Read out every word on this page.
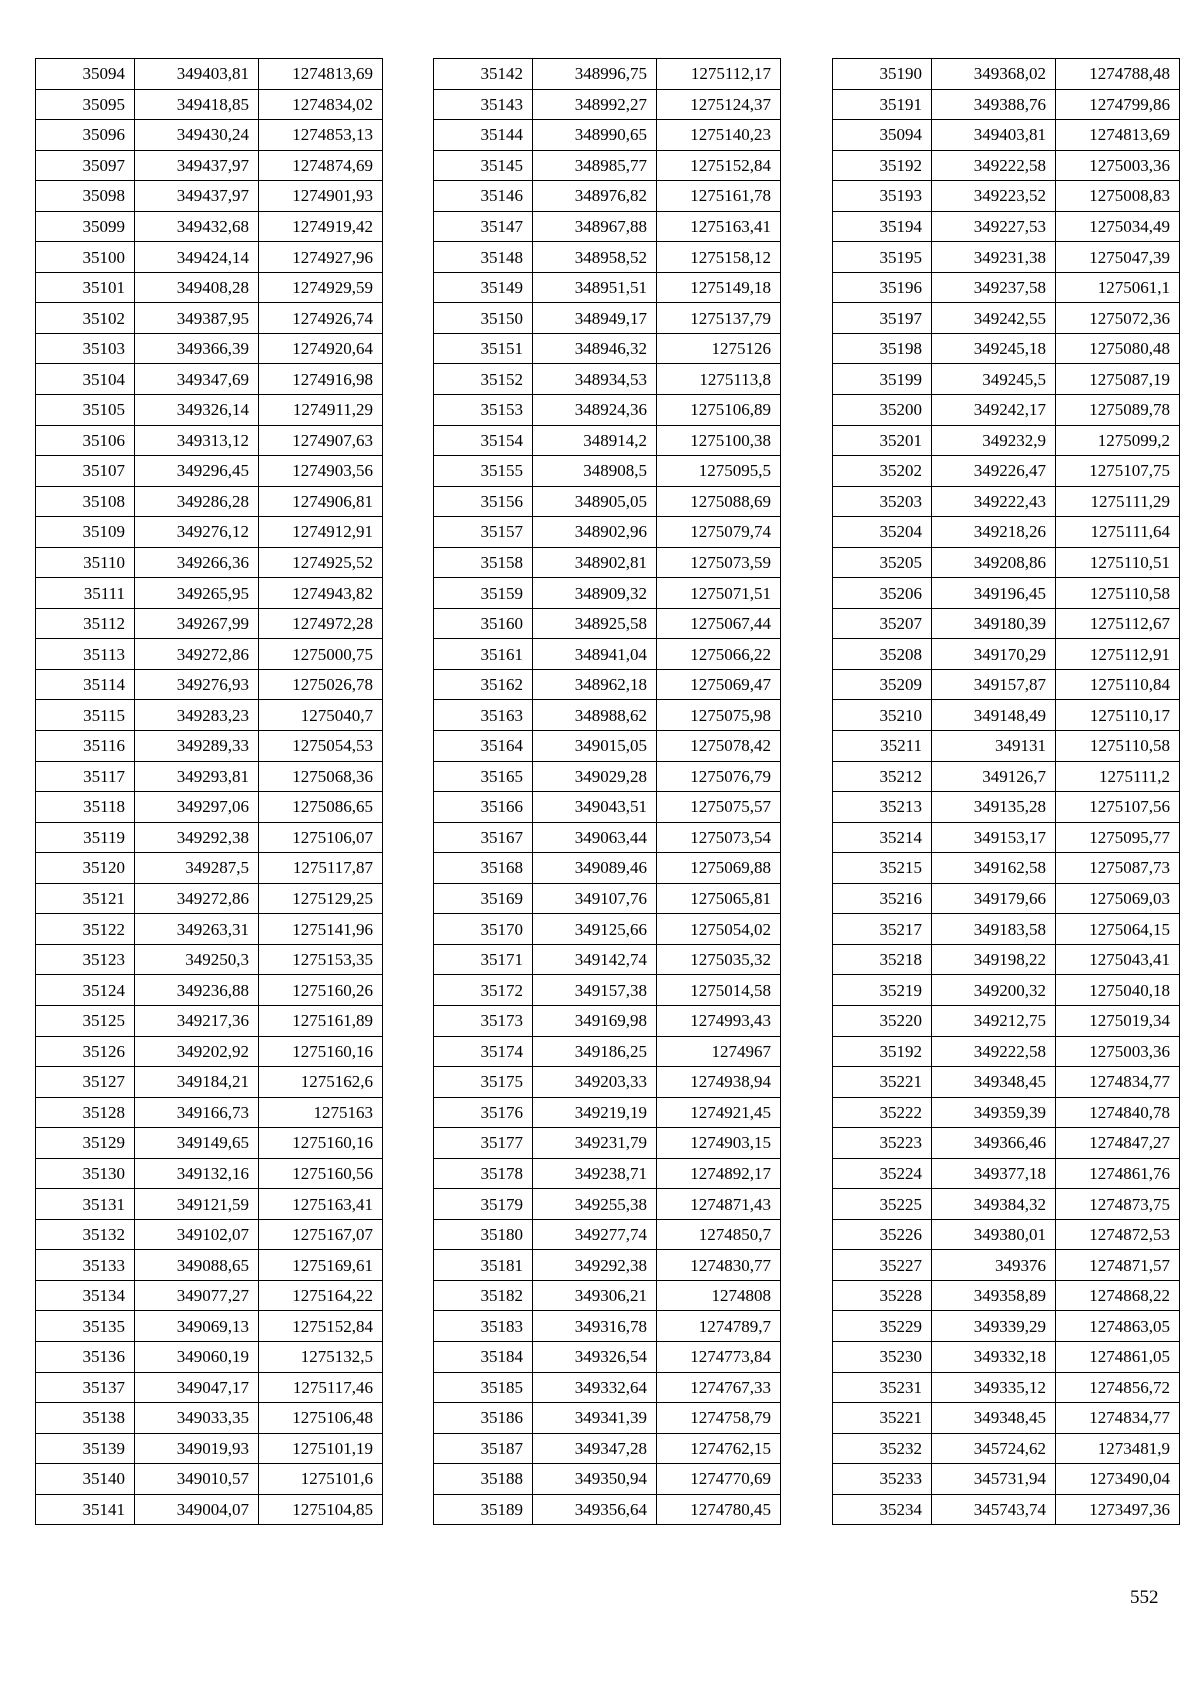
35094	349403,81	1274813,69
35095	349418,85	1274834,02
35096	349430,24	1274853,13
35097	349437,97	1274874,69
35098	349437,97	1274901,93
35099	349432,68	1274919,42
35100	349424,14	1274927,96
35101	349408,28	1274929,59
35102	349387,95	1274926,74
35103	349366,39	1274920,64
35104	349347,69	1274916,98
35105	349326,14	1274911,29
35106	349313,12	1274907,63
35107	349296,45	1274903,56
35108	349286,28	1274906,81
35109	349276,12	1274912,91
35110	349266,36	1274925,52
35111	349265,95	1274943,82
35112	349267,99	1274972,28
35113	349272,86	1275000,75
35114	349276,93	1275026,78
35115	349283,23	1275040,7
35116	349289,33	1275054,53
35117	349293,81	1275068,36
35118	349297,06	1275086,65
35119	349292,38	1275106,07
35120	349287,5	1275117,87
35121	349272,86	1275129,25
35122	349263,31	1275141,96
35123	349250,3	1275153,35
35124	349236,88	1275160,26
35125	349217,36	1275161,89
35126	349202,92	1275160,16
35127	349184,21	1275162,6
35128	349166,73	1275163
35129	349149,65	1275160,16
35130	349132,16	1275160,56
35131	349121,59	1275163,41
35132	349102,07	1275167,07
35133	349088,65	1275169,61
35134	349077,27	1275164,22
35135	349069,13	1275152,84
35136	349060,19	1275132,5
35137	349047,17	1275117,46
35138	349033,35	1275106,48
35139	349019,93	1275101,19
35140	349010,57	1275101,6
35141	349004,07	1275104,85
35142	348996,75	1275112,17
35143	348992,27	1275124,37
35144	348990,65	1275140,23
35145	348985,77	1275152,84
35146	348976,82	1275161,78
35147	348967,88	1275163,41
35148	348958,52	1275158,12
35149	348951,51	1275149,18
35150	348949,17	1275137,79
35151	348946,32	1275126
35152	348934,53	1275113,8
35153	348924,36	1275106,89
35154	348914,2	1275100,38
35155	348908,5	1275095,5
35156	348905,05	1275088,69
35157	348902,96	1275079,74
35158	348902,81	1275073,59
35159	348909,32	1275071,51
35160	348925,58	1275067,44
35161	348941,04	1275066,22
35162	348962,18	1275069,47
35163	348988,62	1275075,98
35164	349015,05	1275078,42
35165	349029,28	1275076,79
35166	349043,51	1275075,57
35167	349063,44	1275073,54
35168	349089,46	1275069,88
35169	349107,76	1275065,81
35170	349125,66	1275054,02
35171	349142,74	1275035,32
35172	349157,38	1275014,58
35173	349169,98	1274993,43
35174	349186,25	1274967
35175	349203,33	1274938,94
35176	349219,19	1274921,45
35177	349231,79	1274903,15
35178	349238,71	1274892,17
35179	349255,38	1274871,43
35180	349277,74	1274850,7
35181	349292,38	1274830,77
35182	349306,21	1274808
35183	349316,78	1274789,7
35184	349326,54	1274773,84
35185	349332,64	1274767,33
35186	349341,39	1274758,79
35187	349347,28	1274762,15
35188	349350,94	1274770,69
35189	349356,64	1274780,45
35190	349368,02	1274788,48
35191	349388,76	1274799,86
35094	349403,81	1274813,69
35192	349222,58	1275003,36
35193	349223,52	1275008,83
35194	349227,53	1275034,49
35195	349231,38	1275047,39
35196	349237,58	1275061,1
35197	349242,55	1275072,36
35198	349245,18	1275080,48
35199	349245,5	1275087,19
35200	349242,17	1275089,78
35201	349232,9	1275099,2
35202	349226,47	1275107,75
35203	349222,43	1275111,29
35204	349218,26	1275111,64
35205	349208,86	1275110,51
35206	349196,45	1275110,58
35207	349180,39	1275112,67
35208	349170,29	1275112,91
35209	349157,87	1275110,84
35210	349148,49	1275110,17
35211	349131	1275110,58
35212	349126,7	1275111,2
35213	349135,28	1275107,56
35214	349153,17	1275095,77
35215	349162,58	1275087,73
35216	349179,66	1275069,03
35217	349183,58	1275064,15
35218	349198,22	1275043,41
35219	349200,32	1275040,18
35220	349212,75	1275019,34
35192	349222,58	1275003,36
35221	349348,45	1274834,77
35222	349359,39	1274840,78
35223	349366,46	1274847,27
35224	349377,18	1274861,76
35225	349384,32	1274873,75
35226	349380,01	1274872,53
35227	349376	1274871,57
35228	349358,89	1274868,22
35229	349339,29	1274863,05
35230	349332,18	1274861,05
35231	349335,12	1274856,72
35221	349348,45	1274834,77
35232	345724,62	1273481,9
35233	345731,94	1273490,04
35234	345743,74	1273497,36
552
